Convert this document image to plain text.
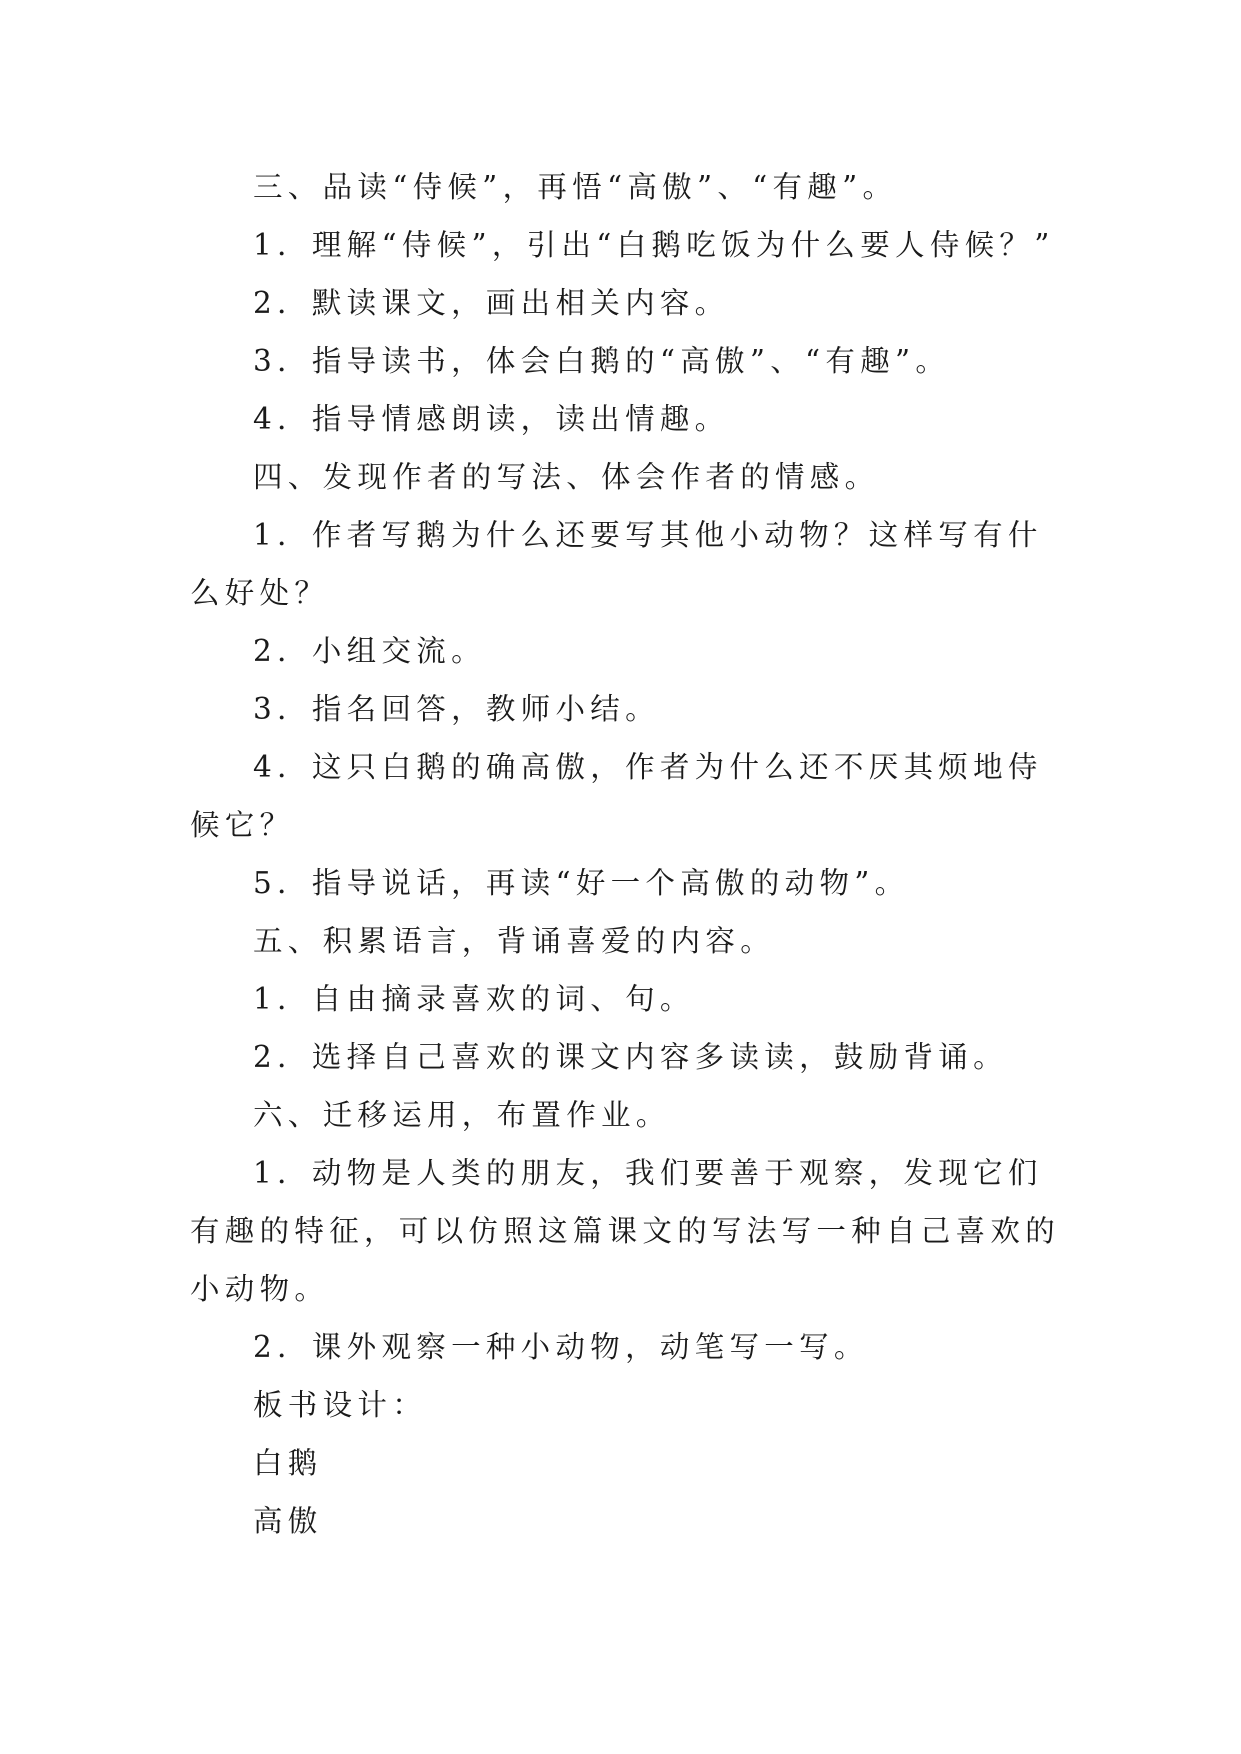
三、品读“侍候”，再悟“高傲”、“有趣”。

1．理解“侍候”，引出“白鹅吃饭为什么要人侍候？”

2．默读课文，画出相关内容。

3．指导读书，体会白鹅的“高傲”、“有趣”。

4．指导情感朗读，读出情趣。

四、发现作者的写法、体会作者的情感。

1．作者写鹅为什么还要写其他小动物？这样写有什么好处？

2．小组交流。

3．指名回答，教师小结。

4．这只白鹅的确高傲，作者为什么还不厌其烦地侍候它？

5．指导说话，再读“好一个高傲的动物”。

五、积累语言，背诵喜爱的内容。

1．自由摘录喜欢的词、句。

2．选择自己喜欢的课文内容多读读，鼓励背诵。

六、迁移运用，布置作业。

1．动物是人类的朋友，我们要善于观察，发现它们有趣的特征，可以仿照这篇课文的写法写一种自己喜欢的小动物。

2．课外观察一种小动物，动笔写一写。

板书设计：

白鹅

高傲
